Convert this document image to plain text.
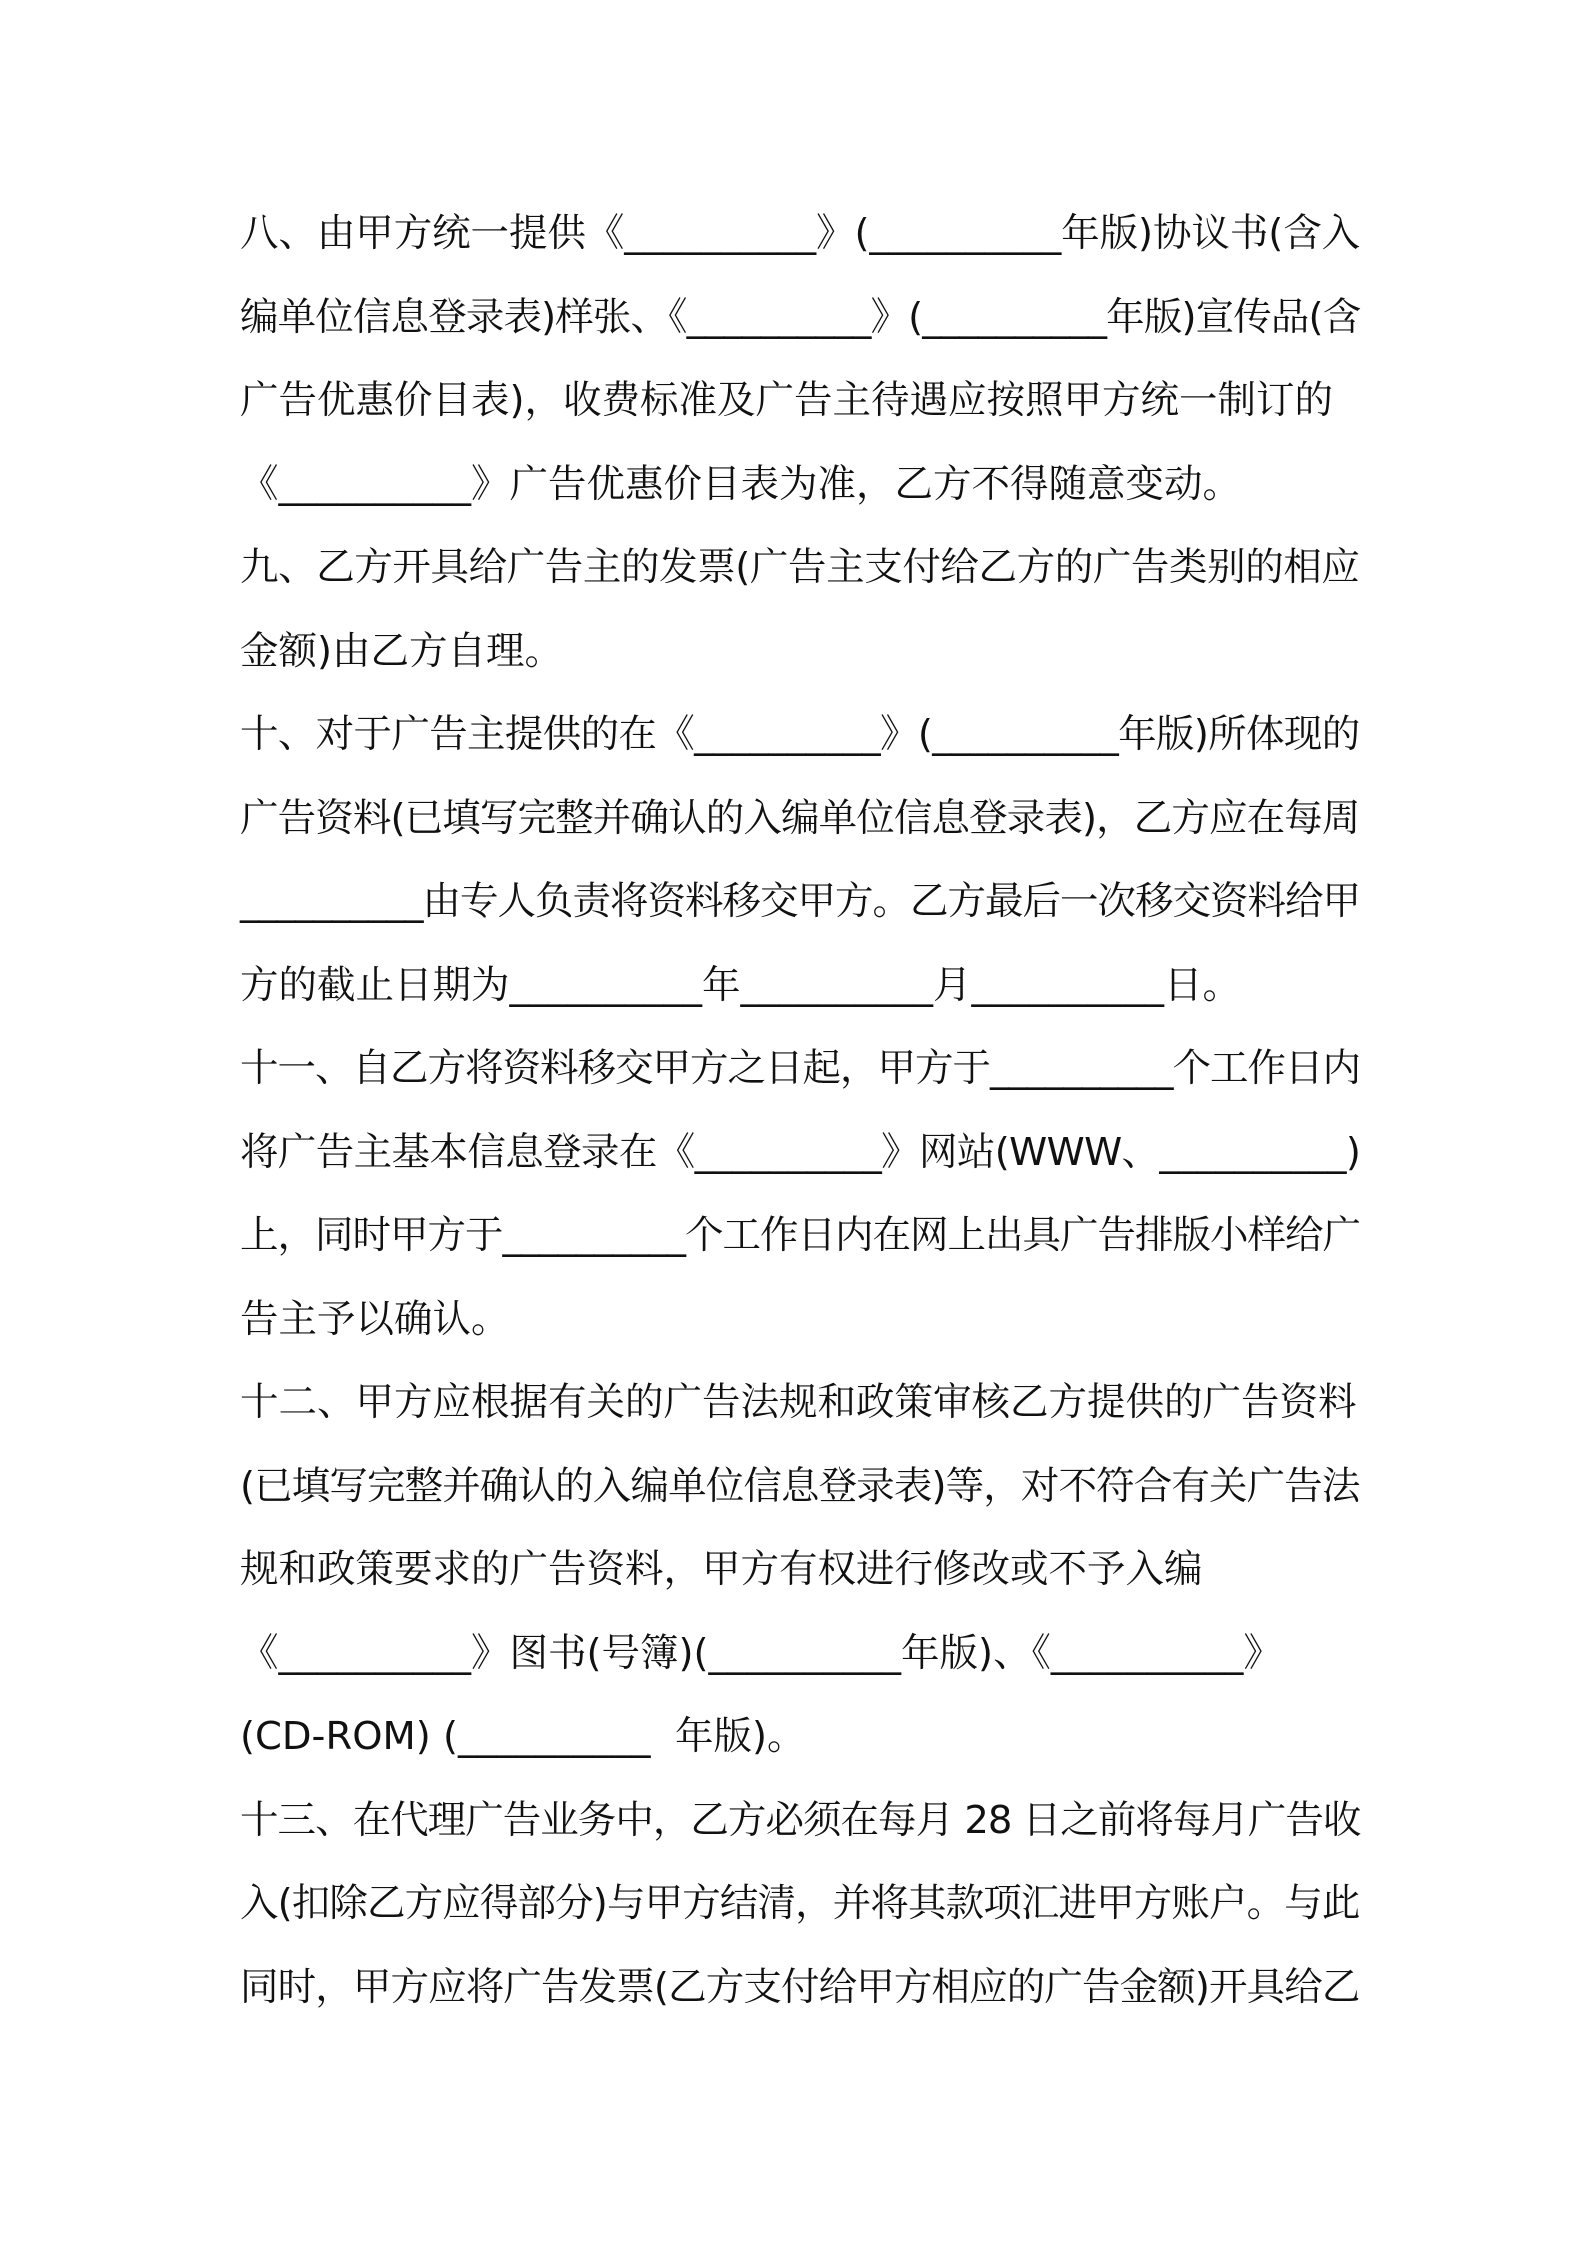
八、由甲方统一提供《__________》(__________年版)协议书(含入
编单位信息登录表)样张、《__________》(__________年版)宣传品(含
广告优惠价目表)，收费标准及广告主待遇应按照甲方统一制订的
《__________》广告优惠价目表为准，乙方不得随意变动。
九、乙方开具给广告主的发票(广告主支付给乙方的广告类别的相应
金额)由乙方自理。
十、对于广告主提供的在《__________》(__________年版)所体现的
广告资料(已填写完整并确认的入编单位信息登录表)，乙方应在每周
__________由专人负责将资料移交甲方。乙方最后一次移交资料给甲
方的截止日期为__________年__________月__________日。
十一、自乙方将资料移交甲方之日起，甲方于__________个工作日内
将广告主基本信息登录在《__________》网站(WWW、__________)
上，同时甲方于__________个工作日内在网上出具广告排版小样给广
告主予以确认。
十二、甲方应根据有关的广告法规和政策审核乙方提供的广告资料
(已填写完整并确认的入编单位信息登录表)等，对不符合有关广告法
规和政策要求的广告资料，甲方有权进行修改或不予入编
《__________》图书(号簿)(__________年版)、《__________》
(CD-ROM) (__________  年版)。
十三、在代理广告业务中，乙方必须在每月 28 日之前将每月广告收
入(扣除乙方应得部分)与甲方结清，并将其款项汇进甲方账户。与此
同时，甲方应将广告发票(乙方支付给甲方相应的广告金额)开具给乙
